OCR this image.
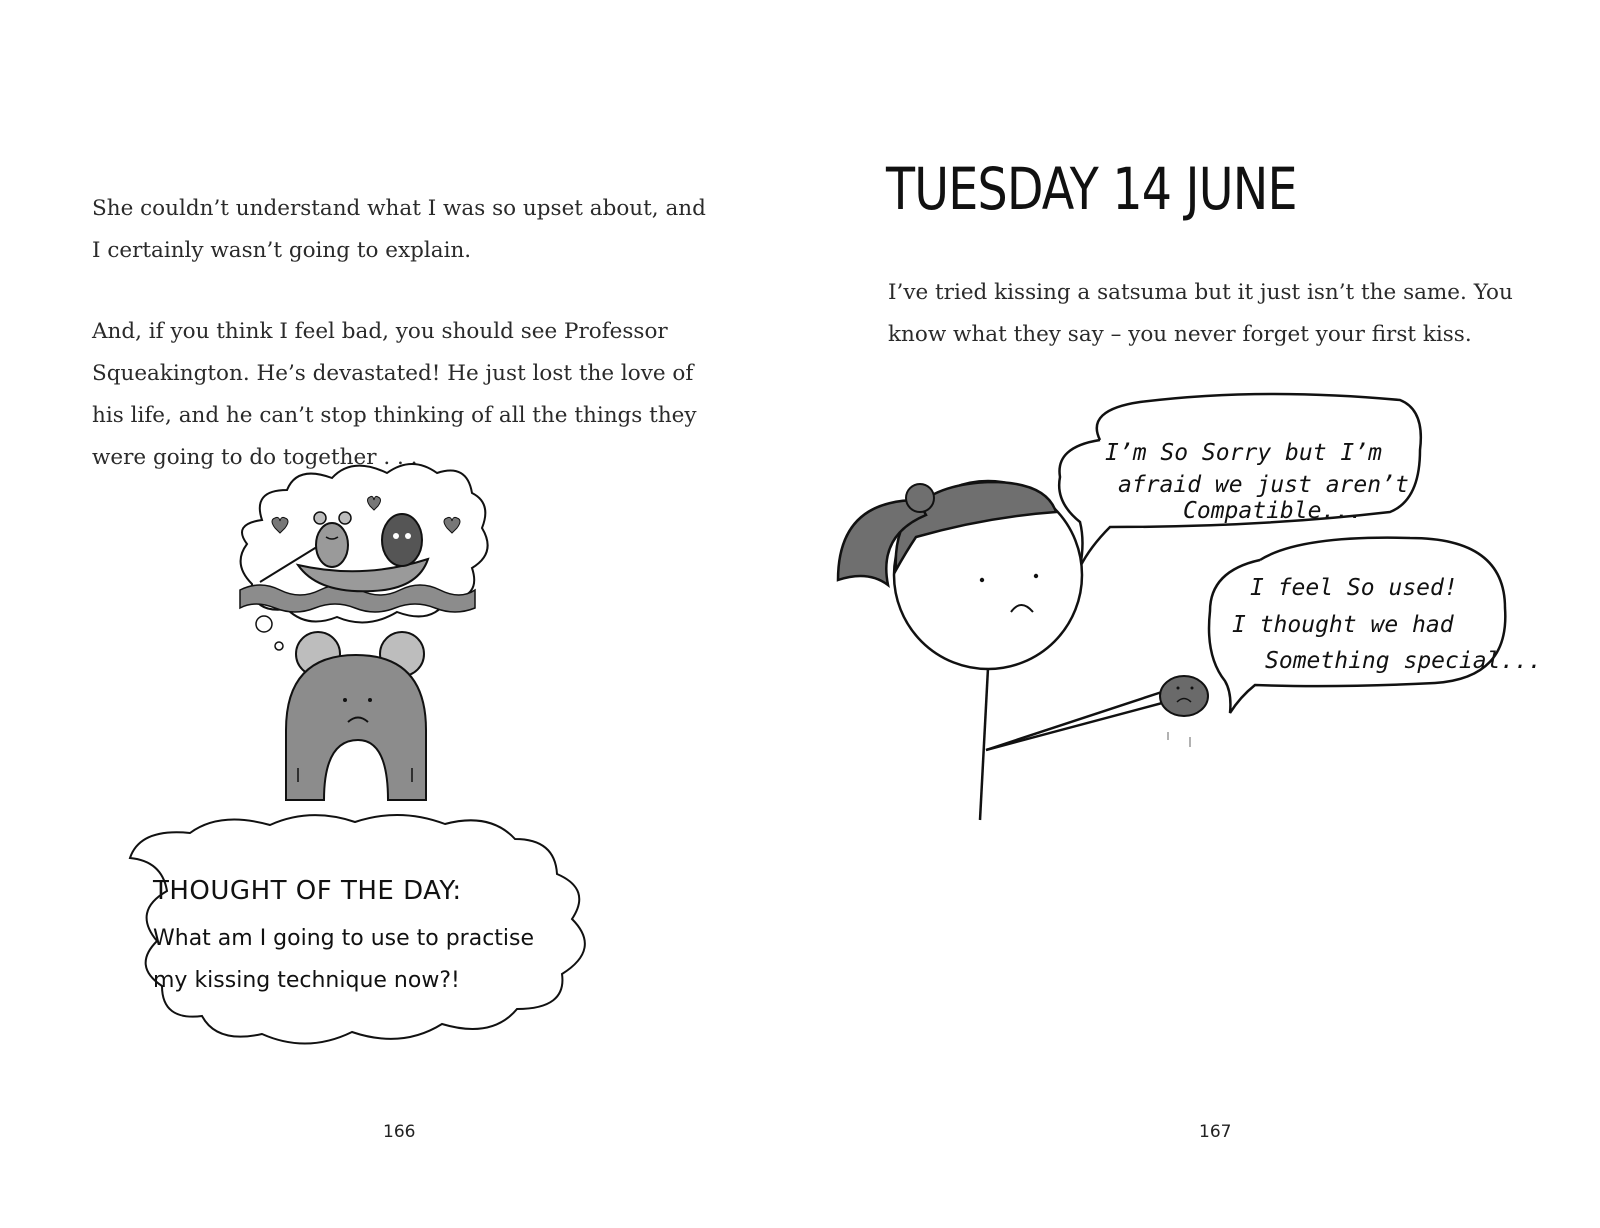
She couldn’t understand what I was so upset about, and I certainly wasn’t going to explain.

And, if you think I feel bad, you should see Professor Squeakington. He’s devastated! He just lost the love of his life, and he can’t stop thinking of all the things they were going to do together . . .

THOUGHT OF THE DAY:

What am I going to use to practise my kissing technique now?!

166
TUESDAY 14 JUNE

I’ve tried kissing a satsuma but it just isn’t the same. You know what they say – you never forget your first kiss.

I’m So Sorry but I’m
afraid we just aren’t
Compatible...
I feel So used!
I thought we had
Something special...
167
